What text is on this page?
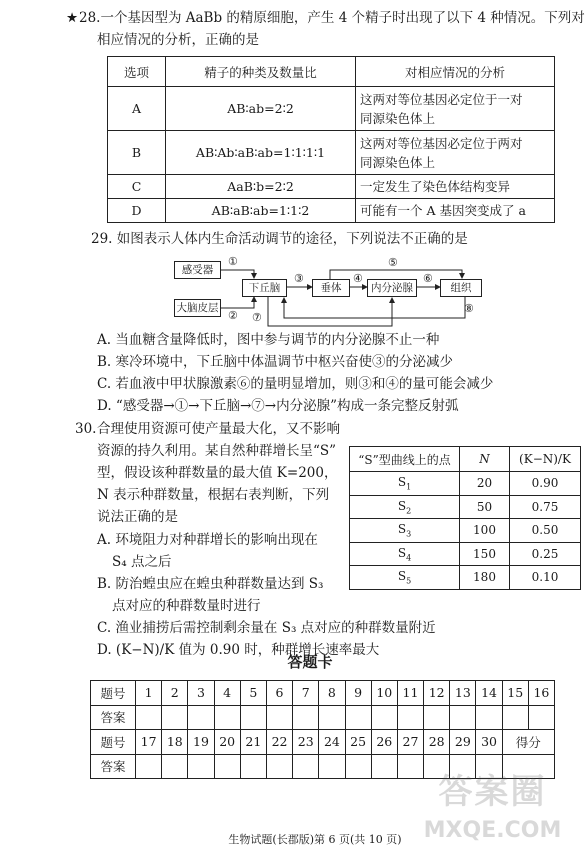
★ 28.一个基因型为 AaBb 的精原细胞，产生 4 个精子时出现了以下 4 种情况。下列对
相应情况的分析，正确的是
选项	精子的种类及数量比	对相应情况的分析
A	AB∶ab=2∶2	这两对等位基因必定位于一对
同源染色体上

B	AB∶Ab∶aB∶ab=1∶1∶1∶1	这两对等位基因必定位于两对
同源染色体上

C	AaB∶b=2∶2	一定发生了染色体结构变异
D	AB∶aB∶ab=1∶1∶2	可能有一个 A 基因突变成了 a
29. 如图表示人体内生命活动调节的途径，下列说法不正确的是
感受器
大脑皮层
下丘脑	垂体	内分泌腺	组织
①
②
③	④
⑤
⑥
⑦
⑧
A. 当血糖含量降低时，图中参与调节的内分泌腺不止一种
B. 寒冷环境中，下丘脑中体温调节中枢兴奋使③的分泌减少
C. 若血液中甲状腺激素⑥的量明显增加，则③和④的量可能会减少
D. “感受器→①→下丘脑→⑦→内分泌腺”构成一条完整反射弧
30. 合理使用资源可使产量最大化，又不影响
资源的持久利用。某自然种群增长呈“S”
型，假设该种群数量的最大值 K=200，
N 表示种群数量，根据右表判断，下列
说法正确的是
“S”型曲线上的点	N	(K−N)/K
$S_1$	20	0.90
$S_2$	50	0.75
$S_3$	100	0.50
$S_4$	150	0.25
$S_5$	180	0.10
A. 环境阻力对种群增长的影响出现在
S₄ 点之后
B. 防治蝗虫应在蝗虫种群数量达到 S₃
点对应的种群数量时进行
C. 渔业捕捞后需控制剩余量在 S₃ 点对应的种群数量附近
D. (K−N)/K 值为 0.90 时，种群增长速率最大
答题卡
题号	1	2	3	4	5	6	7	8	9	10	11	12	13	14	15	16
答案																
题号	17	18	19	20	21	22	23	24	25	26	27	28	29	30	得分	
答案																
生物试题(长郡版)第 6 页(共 10 页)
答案圈
MXQE.COM
